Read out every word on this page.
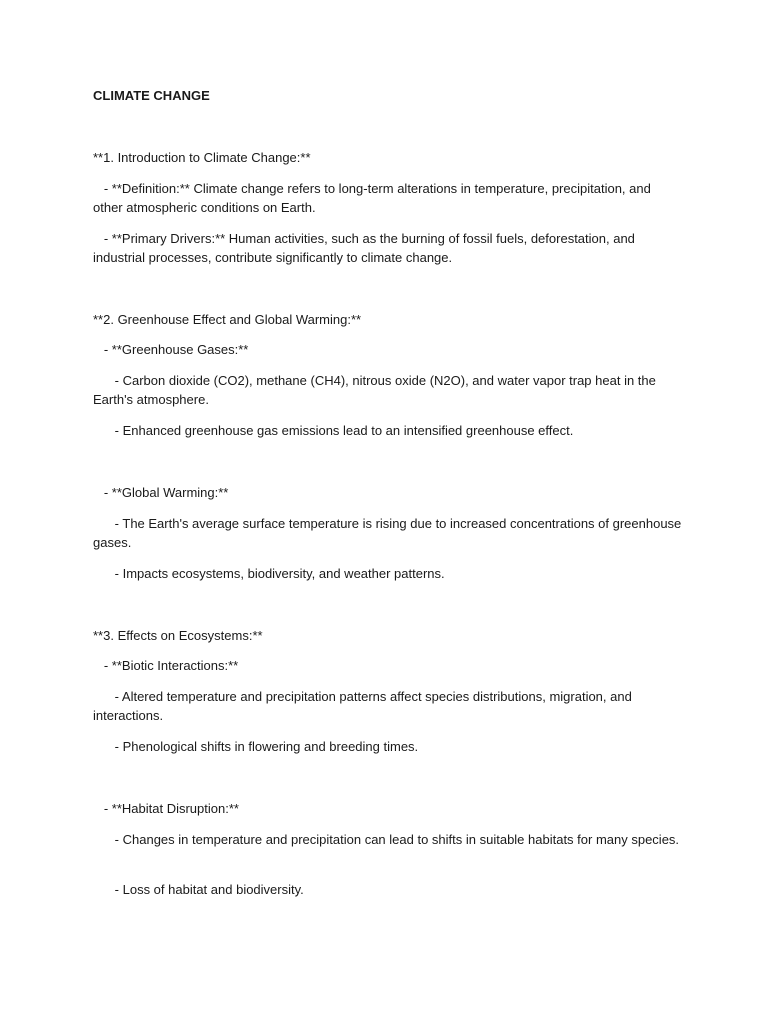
CLIMATE CHANGE

**1. Introduction to Climate Change:**

- **Definition:** Climate change refers to long-term alterations in temperature, precipitation, and other atmospheric conditions on Earth.

- **Primary Drivers:** Human activities, such as the burning of fossil fuels, deforestation, and industrial processes, contribute significantly to climate change.

**2. Greenhouse Effect and Global Warming:**

- **Greenhouse Gases:**

- Carbon dioxide (CO2), methane (CH4), nitrous oxide (N2O), and water vapor trap heat in the Earth's atmosphere.

- Enhanced greenhouse gas emissions lead to an intensified greenhouse effect.

- **Global Warming:**

- The Earth's average surface temperature is rising due to increased concentrations of greenhouse gases.

- Impacts ecosystems, biodiversity, and weather patterns.

**3. Effects on Ecosystems:**

- **Biotic Interactions:**

- Altered temperature and precipitation patterns affect species distributions, migration, and interactions.

- Phenological shifts in flowering and breeding times.

- **Habitat Disruption:**

- Changes in temperature and precipitation can lead to shifts in suitable habitats for many species.

- Loss of habitat and biodiversity.
